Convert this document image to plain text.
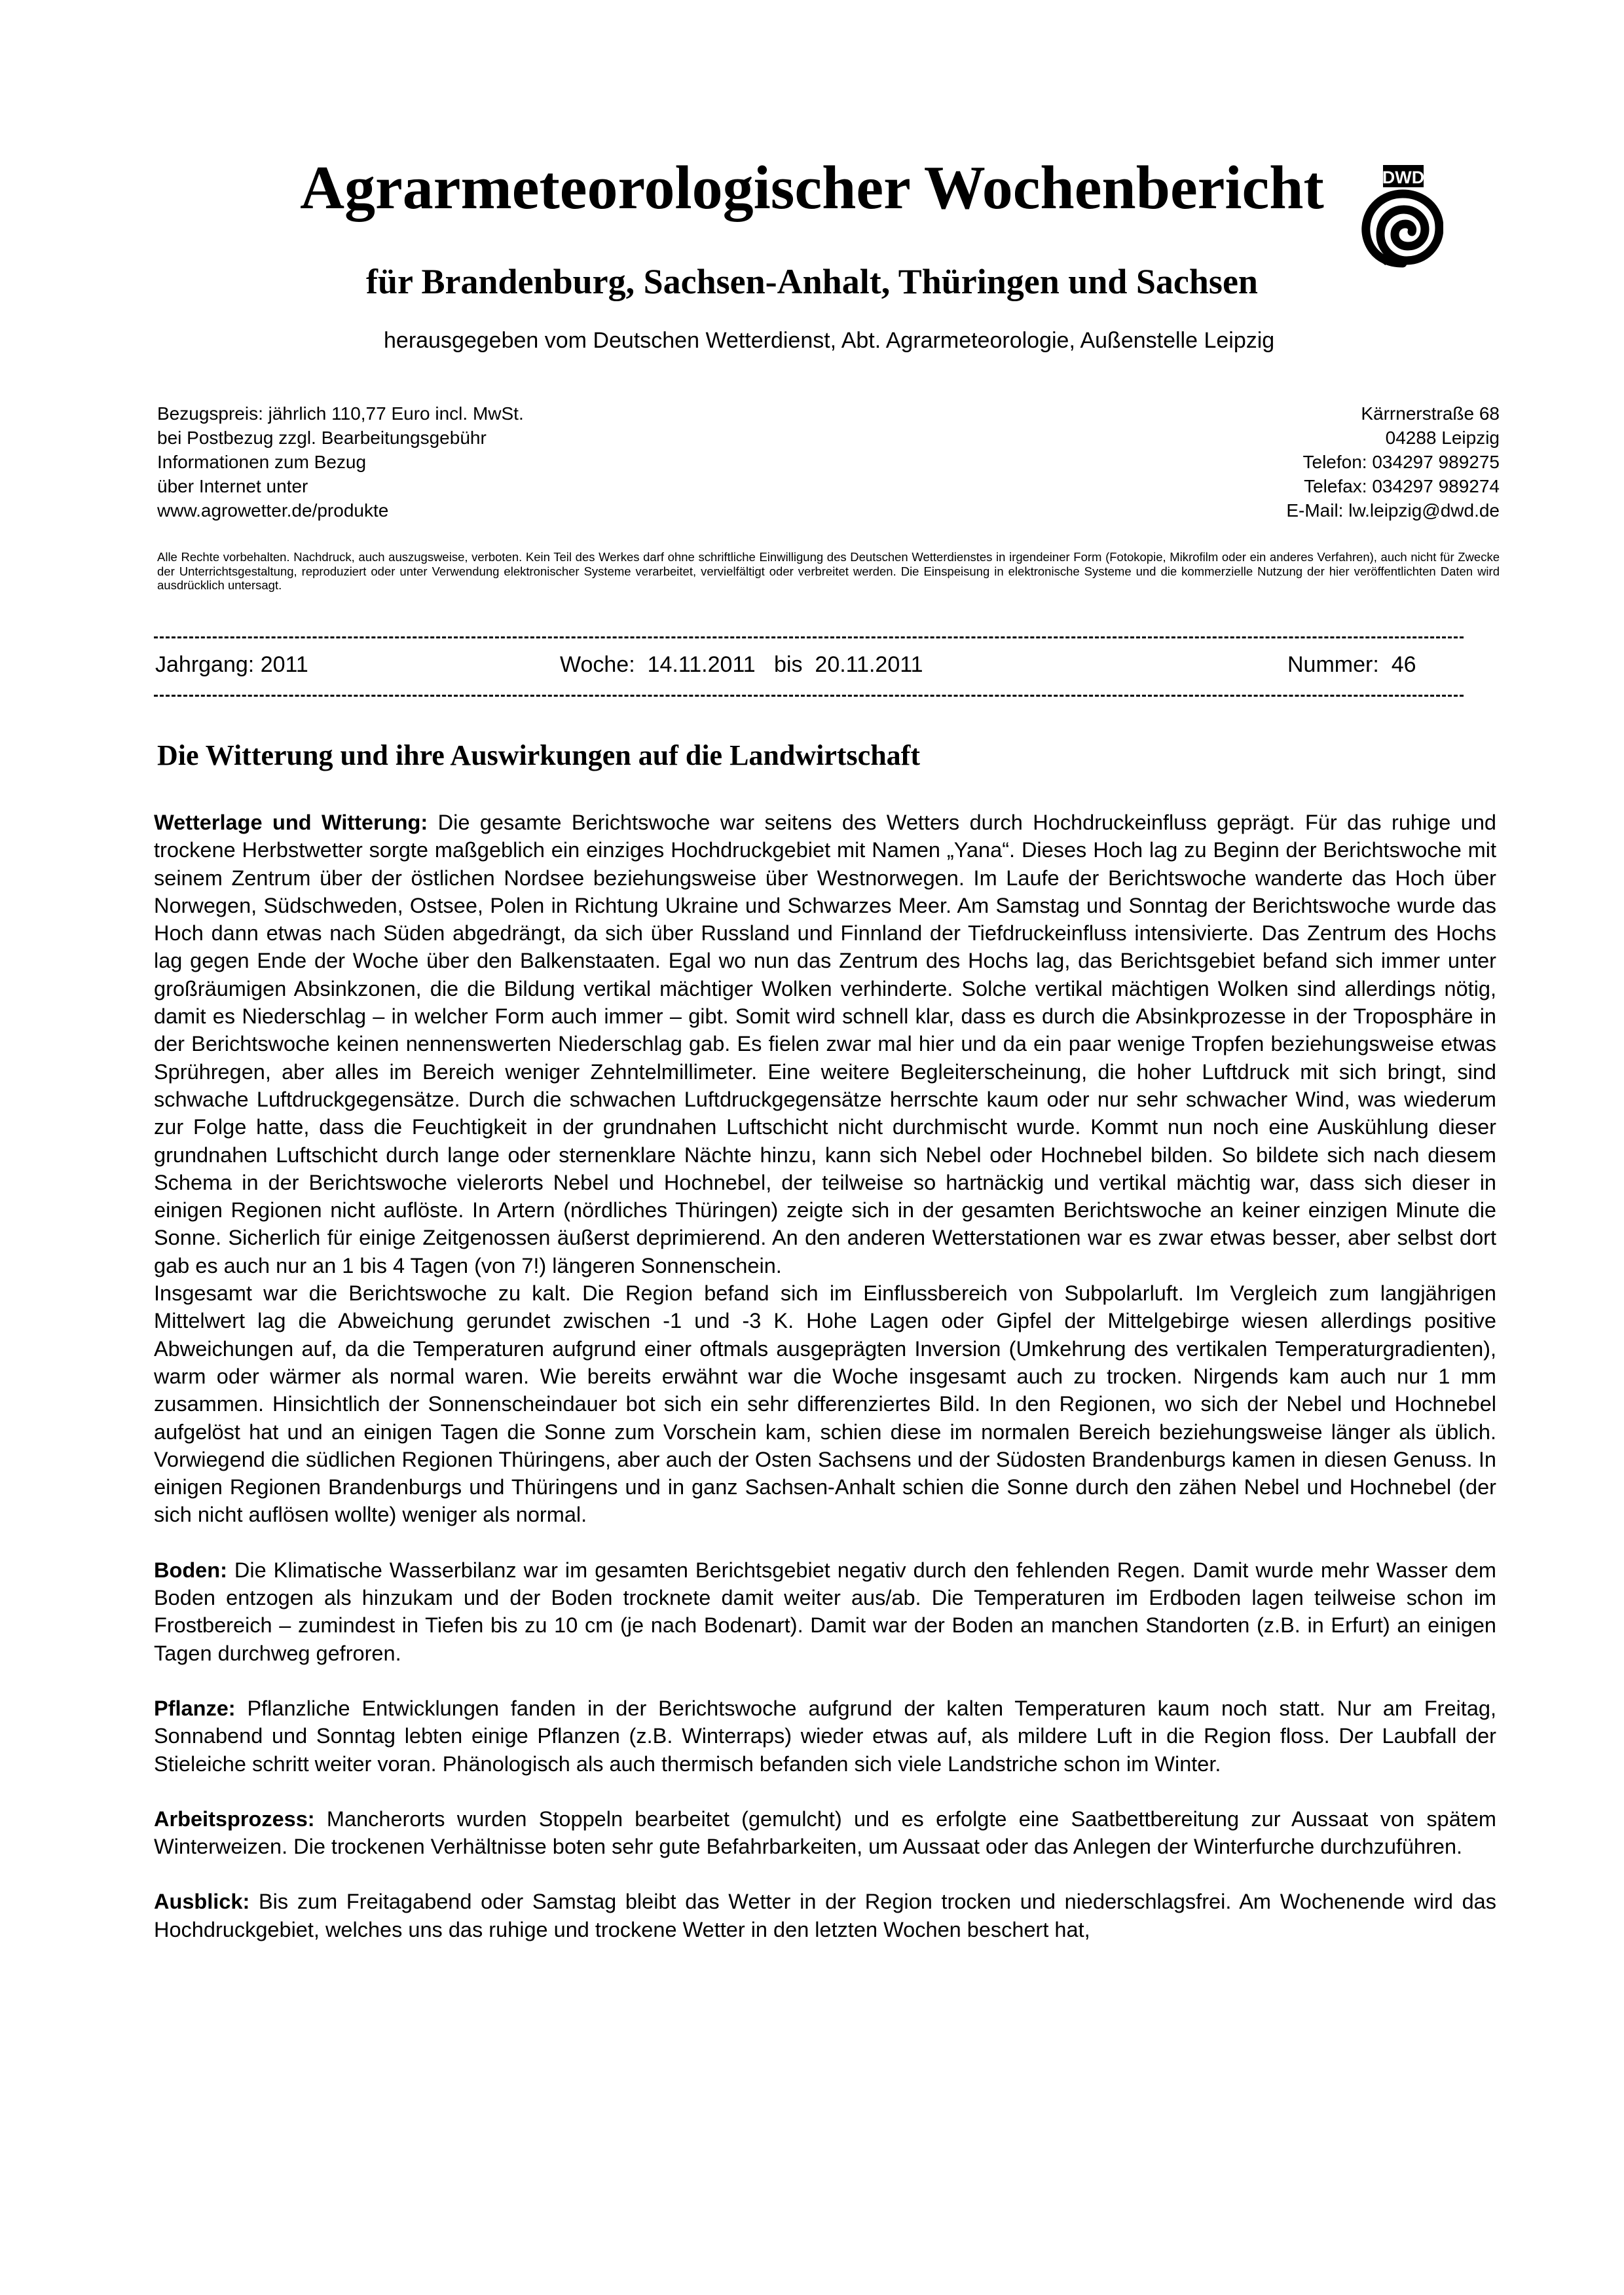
Agrarmeteorologischer Wochenbericht
für Brandenburg, Sachsen-Anhalt, Thüringen und Sachsen
herausgegeben vom Deutschen Wetterdienst, Abt. Agrarmeteorologie, Außenstelle Leipzig
DWD
Bezugspreis: jährlich 110,77 Euro incl. MwSt.
bei Postbezug zzgl. Bearbeitungsgebühr
Informationen zum Bezug
über Internet unter
www.agrowetter.de/produkte
Kärrnerstraße 68
04288 Leipzig
Telefon: 034297 989275
Telefax: 034297 989274
E-Mail: lw.leipzig@dwd.de
Alle Rechte vorbehalten. Nachdruck, auch auszugsweise, verboten. Kein Teil des Werkes darf ohne schriftliche Einwilligung des Deutschen Wetterdienstes in irgendeiner Form (Fotokopie, Mikrofilm oder ein anderes Verfahren), auch nicht für Zwecke der Unterrichtsgestaltung, reproduziert oder unter Verwendung elektronischer Systeme verarbeitet, vervielfältigt oder verbreitet werden. Die Einspeisung in elektronische Systeme und die kommerzielle Nutzung der hier veröffentlichten Daten wird ausdrücklich untersagt.
Jahrgang: 2011	Woche: 14.11.2011 bis 20.11.2011	Nummer: 46
Die Witterung und ihre Auswirkungen auf die Landwirtschaft

Wetterlage und Witterung: Die gesamte Berichtswoche war seitens des Wetters durch Hochdruckeinfluss geprägt. Für das ruhige und trockene Herbstwetter sorgte maßgeblich ein einziges Hochdruckgebiet mit Namen „Yana“. Dieses Hoch lag zu Beginn der Berichtswoche mit seinem Zentrum über der östlichen Nordsee beziehungsweise über Westnorwegen. Im Laufe der Berichtswoche wanderte das Hoch über Norwegen, Südschweden, Ostsee, Polen in Richtung Ukraine und Schwarzes Meer. Am Samstag und Sonntag der Berichtswoche wurde das Hoch dann etwas nach Süden abgedrängt, da sich über Russland und Finnland der Tiefdruckeinfluss intensivierte. Das Zentrum des Hochs lag gegen Ende der Woche über den Balkenstaaten. Egal wo nun das Zentrum des Hochs lag, das Berichtsgebiet befand sich immer unter großräumigen Absinkzonen, die die Bildung vertikal mächtiger Wolken verhinderte. Solche vertikal mächtigen Wolken sind allerdings nötig, damit es Niederschlag – in welcher Form auch immer – gibt. Somit wird schnell klar, dass es durch die Absinkprozesse in der Troposphäre in der Berichtswoche keinen nennenswerten Niederschlag gab. Es fielen zwar mal hier und da ein paar wenige Tropfen beziehungsweise etwas Sprühregen, aber alles im Bereich weniger Zehntelmillimeter. Eine weitere Begleiterscheinung, die hoher Luftdruck mit sich bringt, sind schwache Luftdruckgegensätze. Durch die schwachen Luftdruckgegensätze herrschte kaum oder nur sehr schwacher Wind, was wiederum zur Folge hatte, dass die Feuchtigkeit in der grundnahen Luftschicht nicht durchmischt wurde. Kommt nun noch eine Auskühlung dieser grundnahen Luftschicht durch lange oder sternenklare Nächte hinzu, kann sich Nebel oder Hochnebel bilden. So bildete sich nach diesem Schema in der Berichtswoche vielerorts Nebel und Hochnebel, der teilweise so hartnäckig und vertikal mächtig war, dass sich dieser in einigen Regionen nicht auflöste. In Artern (nördliches Thüringen) zeigte sich in der gesamten Berichtswoche an keiner einzigen Minute die Sonne. Sicherlich für einige Zeitgenossen äußerst deprimierend. An den anderen Wetterstationen war es zwar etwas besser, aber selbst dort gab es auch nur an 1 bis 4 Tagen (von 7!) längeren Sonnenschein.

Insgesamt war die Berichtswoche zu kalt. Die Region befand sich im Einflussbereich von Subpolarluft. Im Vergleich zum langjährigen Mittelwert lag die Abweichung gerundet zwischen -1 und -3 K. Hohe Lagen oder Gipfel der Mittelgebirge wiesen allerdings positive Abweichungen auf, da die Temperaturen aufgrund einer oftmals ausgeprägten Inversion (Umkehrung des vertikalen Temperaturgradienten), warm oder wärmer als normal waren. Wie bereits erwähnt war die Woche insgesamt auch zu trocken. Nirgends kam auch nur 1 mm zusammen. Hinsichtlich der Sonnenscheindauer bot sich ein sehr differenziertes Bild. In den Regionen, wo sich der Nebel und Hochnebel aufgelöst hat und an einigen Tagen die Sonne zum Vorschein kam, schien diese im normalen Bereich beziehungsweise länger als üblich. Vorwiegend die südlichen Regionen Thüringens, aber auch der Osten Sachsens und der Südosten Brandenburgs kamen in diesen Genuss. In einigen Regionen Brandenburgs und Thüringens und in ganz Sachsen-Anhalt schien die Sonne durch den zähen Nebel und Hochnebel (der sich nicht auflösen wollte) weniger als normal.

Boden: Die Klimatische Wasserbilanz war im gesamten Berichtsgebiet negativ durch den fehlenden Regen. Damit wurde mehr Wasser dem Boden entzogen als hinzukam und der Boden trocknete damit weiter aus/ab. Die Temperaturen im Erdboden lagen teilweise schon im Frostbereich – zumindest in Tiefen bis zu 10 cm (je nach Bodenart). Damit war der Boden an manchen Standorten (z.B. in Erfurt) an einigen Tagen durchweg gefroren.

Pflanze: Pflanzliche Entwicklungen fanden in der Berichtswoche aufgrund der kalten Temperaturen kaum noch statt. Nur am Freitag, Sonnabend und Sonntag lebten einige Pflanzen (z.B. Winterraps) wieder etwas auf, als mildere Luft in die Region floss. Der Laubfall der Stieleiche schritt weiter voran. Phänologisch als auch thermisch befanden sich viele Landstriche schon im Winter.

Arbeitsprozess: Mancherorts wurden Stoppeln bearbeitet (gemulcht) und es erfolgte eine Saatbettbereitung zur Aussaat von spätem Winterweizen. Die trockenen Verhältnisse boten sehr gute Befahrbarkeiten, um Aussaat oder das Anlegen der Winterfurche durchzuführen.

Ausblick: Bis zum Freitagabend oder Samstag bleibt das Wetter in der Region trocken und niederschlagsfrei. Am Wochenende wird das Hochdruckgebiet, welches uns das ruhige und trockene Wetter in den letzten Wochen beschert hat,
